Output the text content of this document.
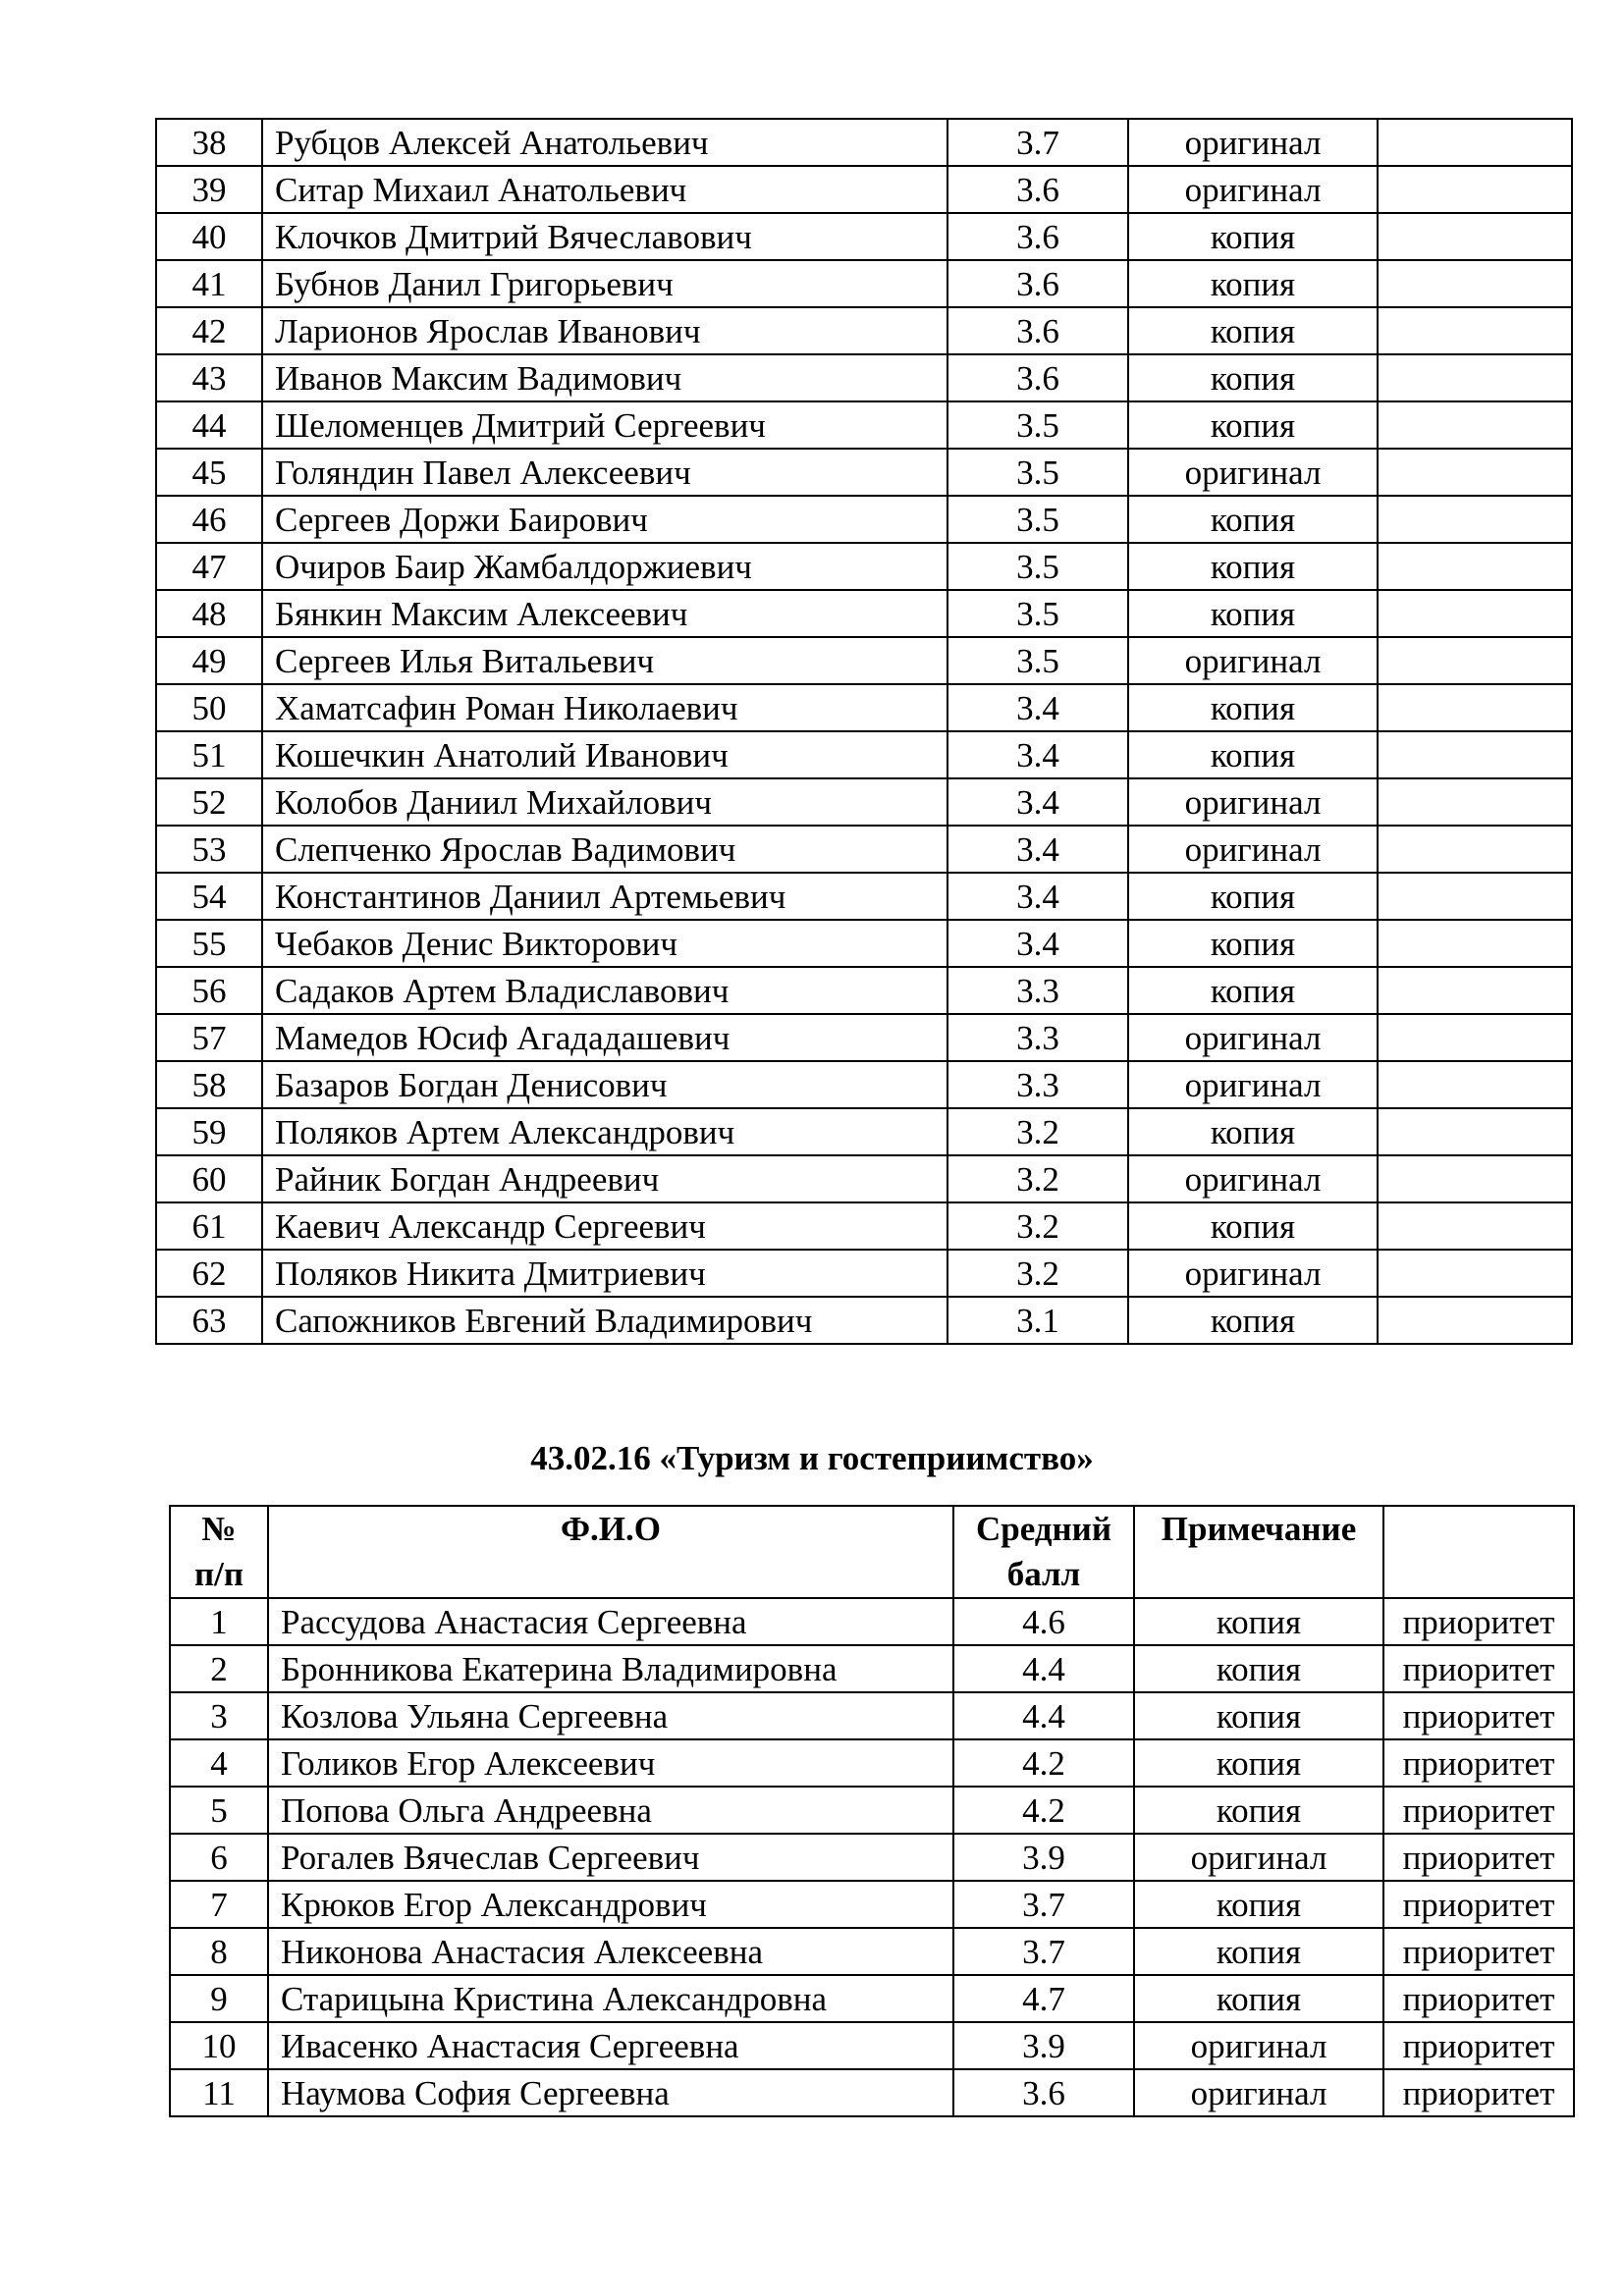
38	Рубцов Алексей Анатольевич	3.7	оригинал	
39	Ситар Михаил Анатольевич	3.6	оригинал	
40	Клочков Дмитрий Вячеславович	3.6	копия	
41	Бубнов Данил Григорьевич	3.6	копия	
42	Ларионов Ярослав Иванович	3.6	копия	
43	Иванов Максим Вадимович	3.6	копия	
44	Шеломенцев Дмитрий Сергеевич	3.5	копия	
45	Голяндин Павел Алексеевич	3.5	оригинал	
46	Сергеев Доржи Баирович	3.5	копия	
47	Очиров Баир Жамбалдоржиевич	3.5	копия	
48	Бянкин Максим Алексеевич	3.5	копия	
49	Сергеев Илья Витальевич	3.5	оригинал	
50	Хаматсафин Роман Николаевич	3.4	копия	
51	Кошечкин Анатолий Иванович	3.4	копия	
52	Колобов Даниил Михайлович	3.4	оригинал	
53	Слепченко Ярослав Вадимович	3.4	оригинал	
54	Константинов Даниил Артемьевич	3.4	копия	
55	Чебаков Денис Викторович	3.4	копия	
56	Садаков Артем Владиславович	3.3	копия	
57	Мамедов Юсиф Агададашевич	3.3	оригинал	
58	Базаров Богдан Денисович	3.3	оригинал	
59	Поляков Артем Александрович	3.2	копия	
60	Райник Богдан Андреевич	3.2	оригинал	
61	Каевич Александр Сергеевич	3.2	копия	
62	Поляков Никита Дмитриевич	3.2	оригинал	
63	Сапожников Евгений Владимирович	3.1	копия	
43.02.16 «Туризм и гостеприимство»
№ п/п	Ф.И.О	Средний балл	Примечание	
1	Рассудова Анастасия Сергеевна	4.6	копия	приоритет
2	Бронникова Екатерина Владимировна	4.4	копия	приоритет
3	Козлова Ульяна Сергеевна	4.4	копия	приоритет
4	Голиков Егор Алексеевич	4.2	копия	приоритет
5	Попова Ольга Андреевна	4.2	копия	приоритет
6	Рогалев Вячеслав Сергеевич	3.9	оригинал	приоритет
7	Крюков Егор Александрович	3.7	копия	приоритет
8	Никонова Анастасия Алексеевна	3.7	копия	приоритет
9	Старицына Кристина Александровна	4.7	копия	приоритет
10	Ивасенко Анастасия Сергеевна	3.9	оригинал	приоритет
11	Наумова София Сергеевна	3.6	оригинал	приоритет
